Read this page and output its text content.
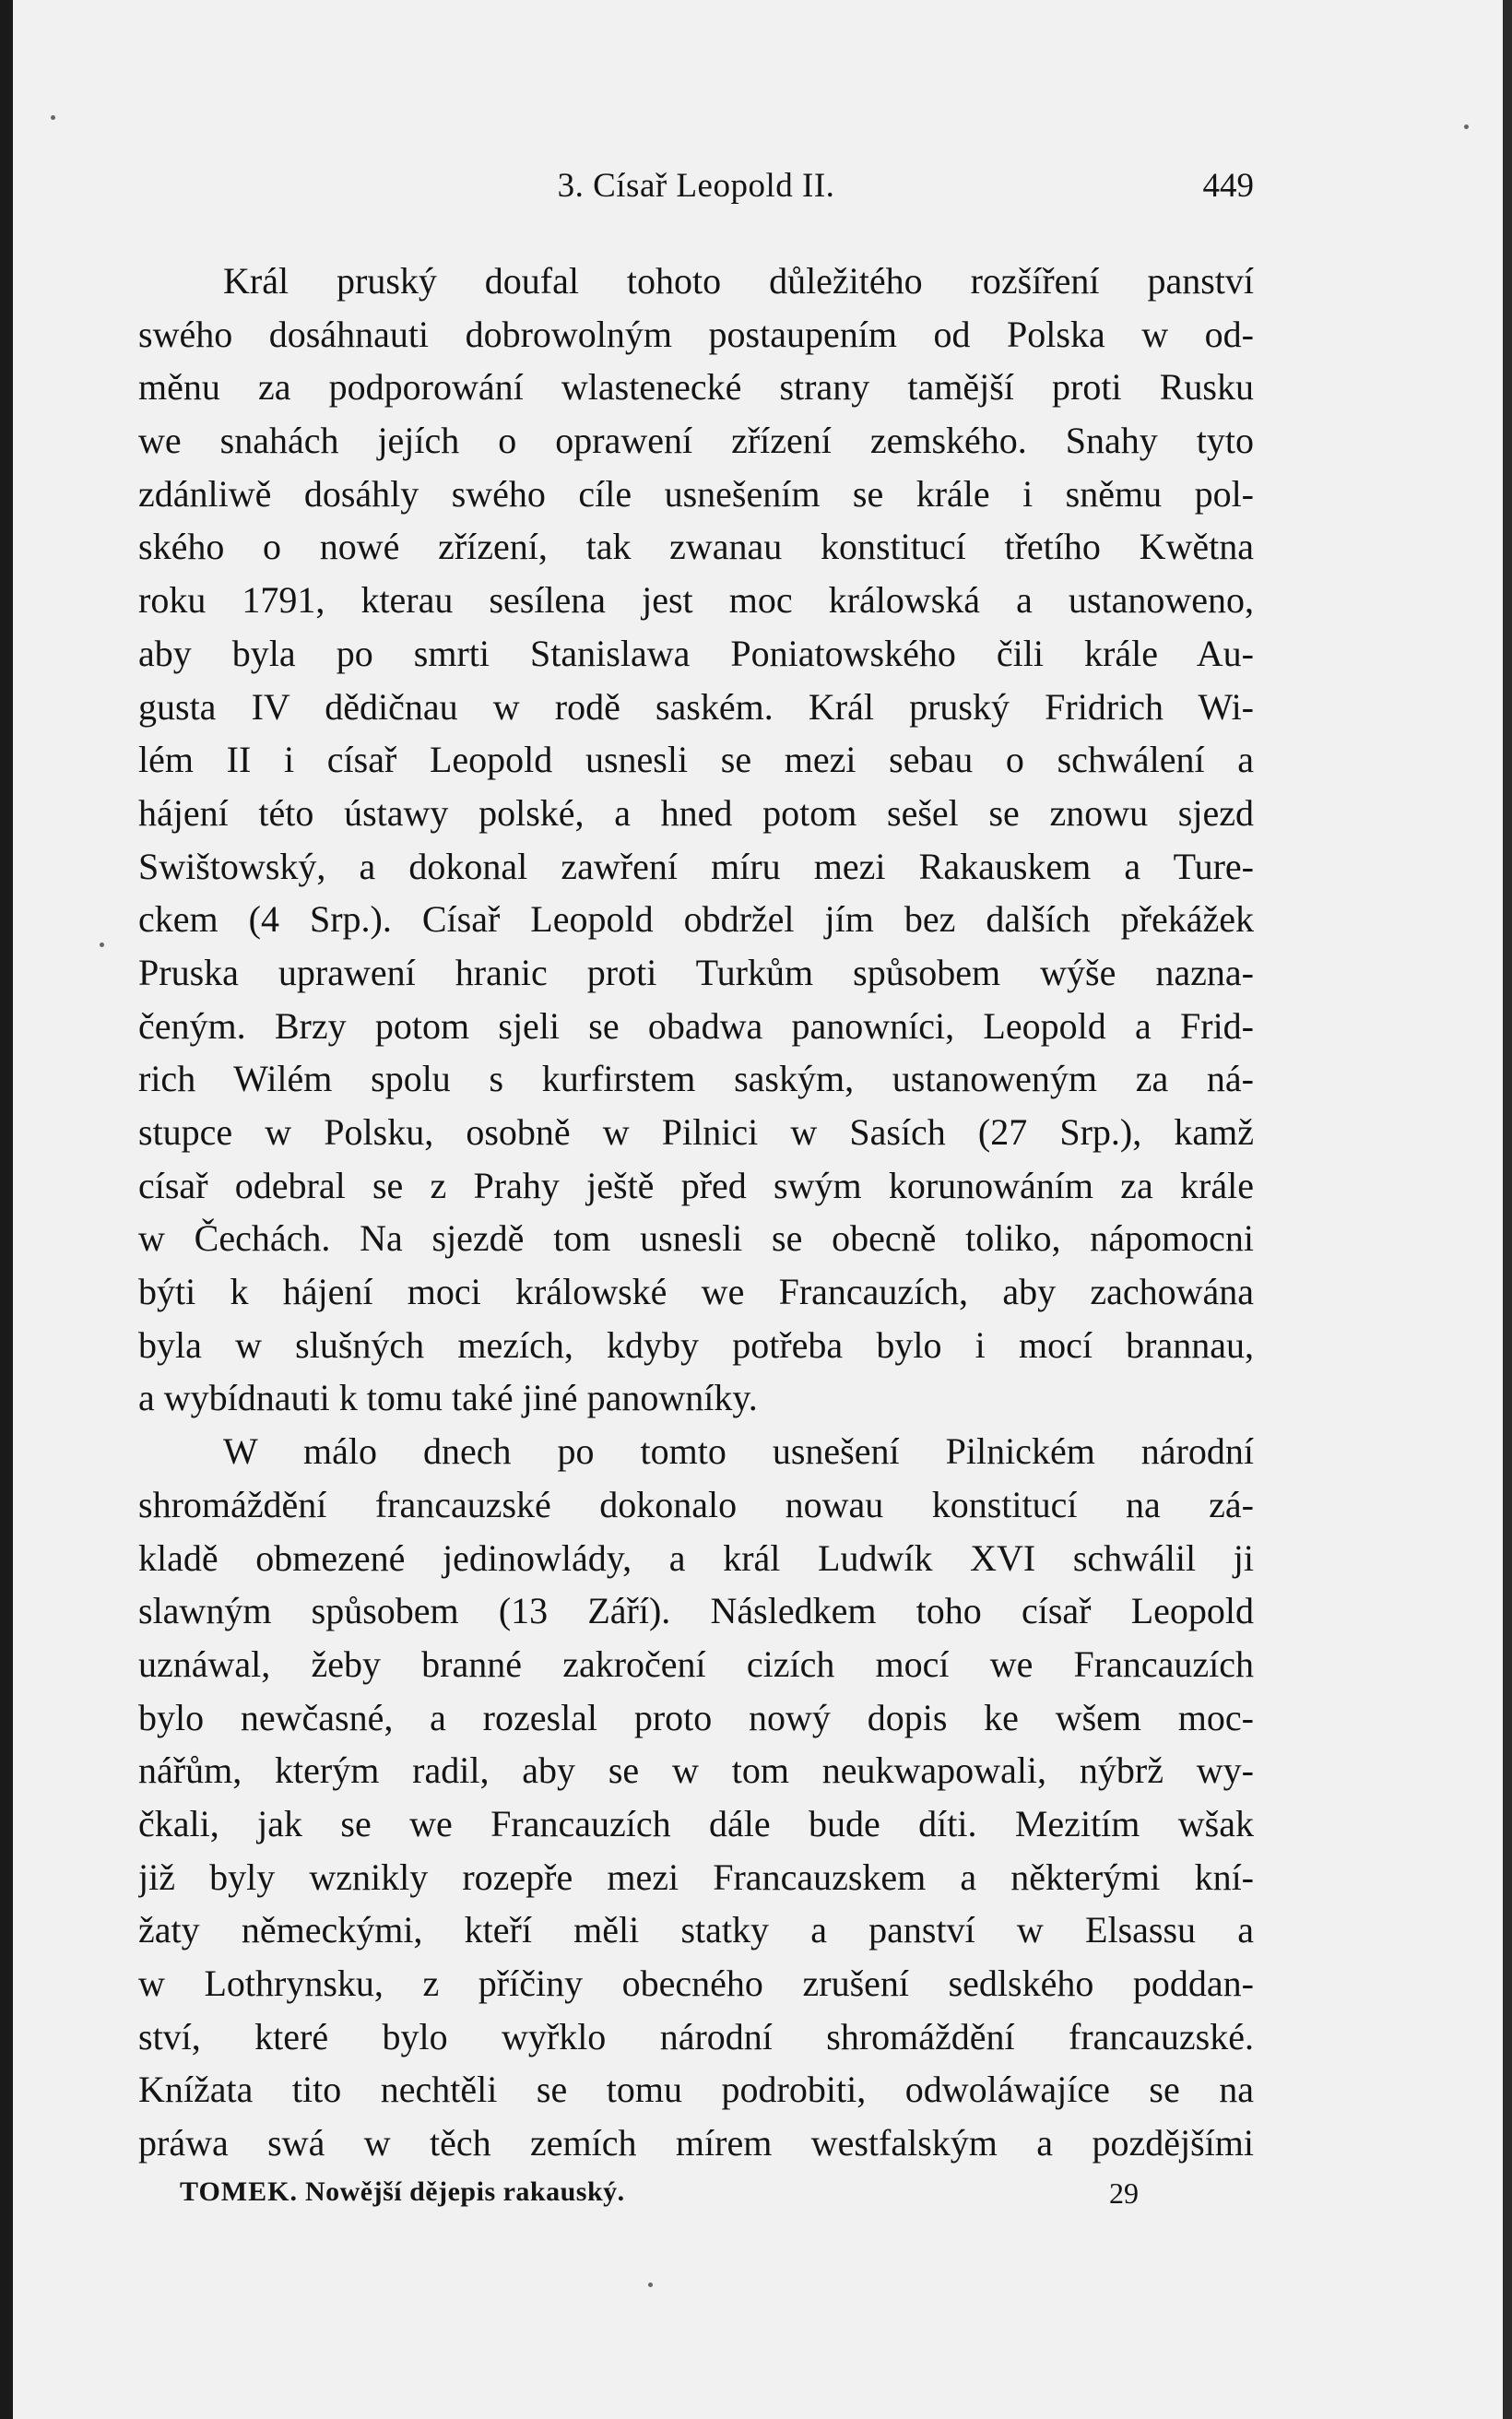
3. Císař Leopold II.	449
Král pruský doufal tohoto důležitého rozšíření panství
swého dosáhnauti dobrowolným postaupením od Polska w od-
měnu za podporowání wlastenecké strany tamější proti Rusku
we snahách jejích o oprawení zřízení zemského. Snahy tyto
zdánliwě dosáhly swého cíle usnešením se krále i sněmu pol-
ského o nowé zřízení, tak zwanau konstitucí třetího Kwětna
roku 1791, kterau sesílena jest moc králowská a ustanoweno,
aby byla po smrti Stanislawa Poniatowského čili krále Au-
gusta IV dědičnau w rodě saském. Král pruský Fridrich Wi-
lém II i císař Leopold usnesli se mezi sebau o schwálení a
hájení této ústawy polské, a hned potom sešel se znowu sjezd
Swištowský, a dokonal zawření míru mezi Rakauskem a Ture-
ckem (4 Srp.). Císař Leopold obdržel jím bez dalších překážek
Pruska uprawení hranic proti Turkům spůsobem wýše nazna-
čeným. Brzy potom sjeli se obadwa panowníci, Leopold a Frid-
rich Wilém spolu s kurfirstem saským, ustanoweným za ná-
stupce w Polsku, osobně w Pilnici w Sasích (27 Srp.), kamž
císař odebral se z Prahy ještě před swým korunowáním za krále
w Čechách. Na sjezdě tom usnesli se obecně toliko, nápomocni
býti k hájení moci králowské we Francauzích, aby zachowána
byla w slušných mezích, kdyby potřeba bylo i mocí brannau,
a wybídnauti k tomu také jiné panowníky.
W málo dnech po tomto usnešení Pilnickém národní
shromáždění francauzské dokonalo nowau konstitucí na zá-
kladě obmezené jedinowlády, a král Ludwík XVI schwálil ji
slawným spůsobem (13 Září). Následkem toho císař Leopold
uznáwal, žeby branné zakročení cizích mocí we Francauzích
bylo newčasné, a rozeslal proto nowý dopis ke wšem moc-
nářům, kterým radil, aby se w tom neukwapowali, nýbrž wy-
čkali, jak se we Francauzích dále bude díti. Mezitím wšak
již byly wznikly rozepře mezi Francauzskem a některými kní-
žaty německými, kteří měli statky a panství w Elsassu a
w Lothrynsku, z příčiny obecného zrušení sedlského poddan-
ství, které bylo wyřklo národní shromáždění francauzské.
Knížata tito nechtěli se tomu podrobiti, odwoláwajíce se na
práwa swá w těch zemích mírem westfalským a pozdějšími
TOMEK. Nowější dějepis rakauský.	29
